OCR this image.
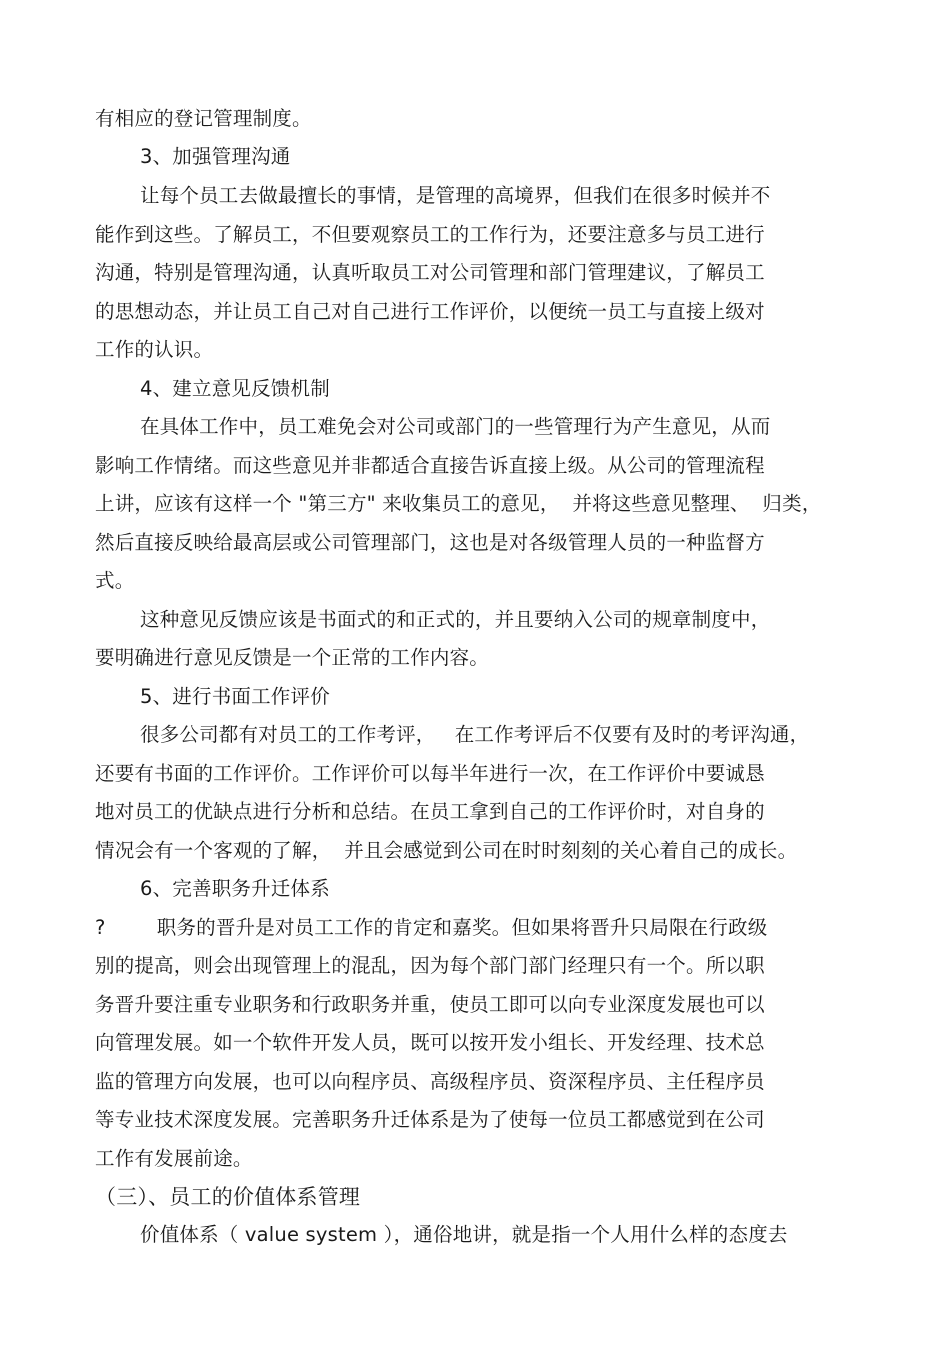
有相应的登记管理制度。
3、加强管理沟通
让每个员工去做最擅长的事情，是管理的高境界，但我们在很多时候并不
能作到这些。了解员工，不但要观察员工的工作行为，还要注意多与员工进行
沟通，特别是管理沟通，认真听取员工对公司管理和部门管理建议，了解员工
的思想动态，并让员工自己对自己进行工作评价，以便统一员工与直接上级对
工作的认识。
4、建立意见反馈机制
在具体工作中，员工难免会对公司或部门的一些管理行为产生意见，从而
影响工作情绪。而这些意见并非都适合直接告诉直接上级。从公司的管理流程
上讲，应该有这样一个 "第三方" 来收集员工的意见，  并将这些意见整理、  归类，
然后直接反映给最高层或公司管理部门，这也是对各级管理人员的一种监督方
式。
这种意见反馈应该是书面式的和正式的，并且要纳入公司的规章制度中，
要明确进行意见反馈是一个正常的工作内容。
5、进行书面工作评价
很多公司都有对员工的工作考评，   在工作考评后不仅要有及时的考评沟通，
还要有书面的工作评价。工作评价可以每半年进行一次，在工作评价中要诚恳
地对员工的优缺点进行分析和总结。在员工拿到自己的工作评价时，对自身的
情况会有一个客观的了解，  并且会感觉到公司在时时刻刻的关心着自己的成长。
6、完善职务升迁体系
?        职务的晋升是对员工工作的肯定和嘉奖。但如果将晋升只局限在行政级
别的提高，则会出现管理上的混乱，因为每个部门部门经理只有一个。所以职
务晋升要注重专业职务和行政职务并重，使员工即可以向专业深度发展也可以
向管理发展。如一个软件开发人员，既可以按开发小组长、开发经理、技术总
监的管理方向发展，也可以向程序员、高级程序员、资深程序员、主任程序员
等专业技术深度发展。完善职务升迁体系是为了使每一位员工都感觉到在公司
工作有发展前途。
（三）、员工的价值体系管理
价值体系（ value system ），通俗地讲，就是指一个人用什么样的态度去
